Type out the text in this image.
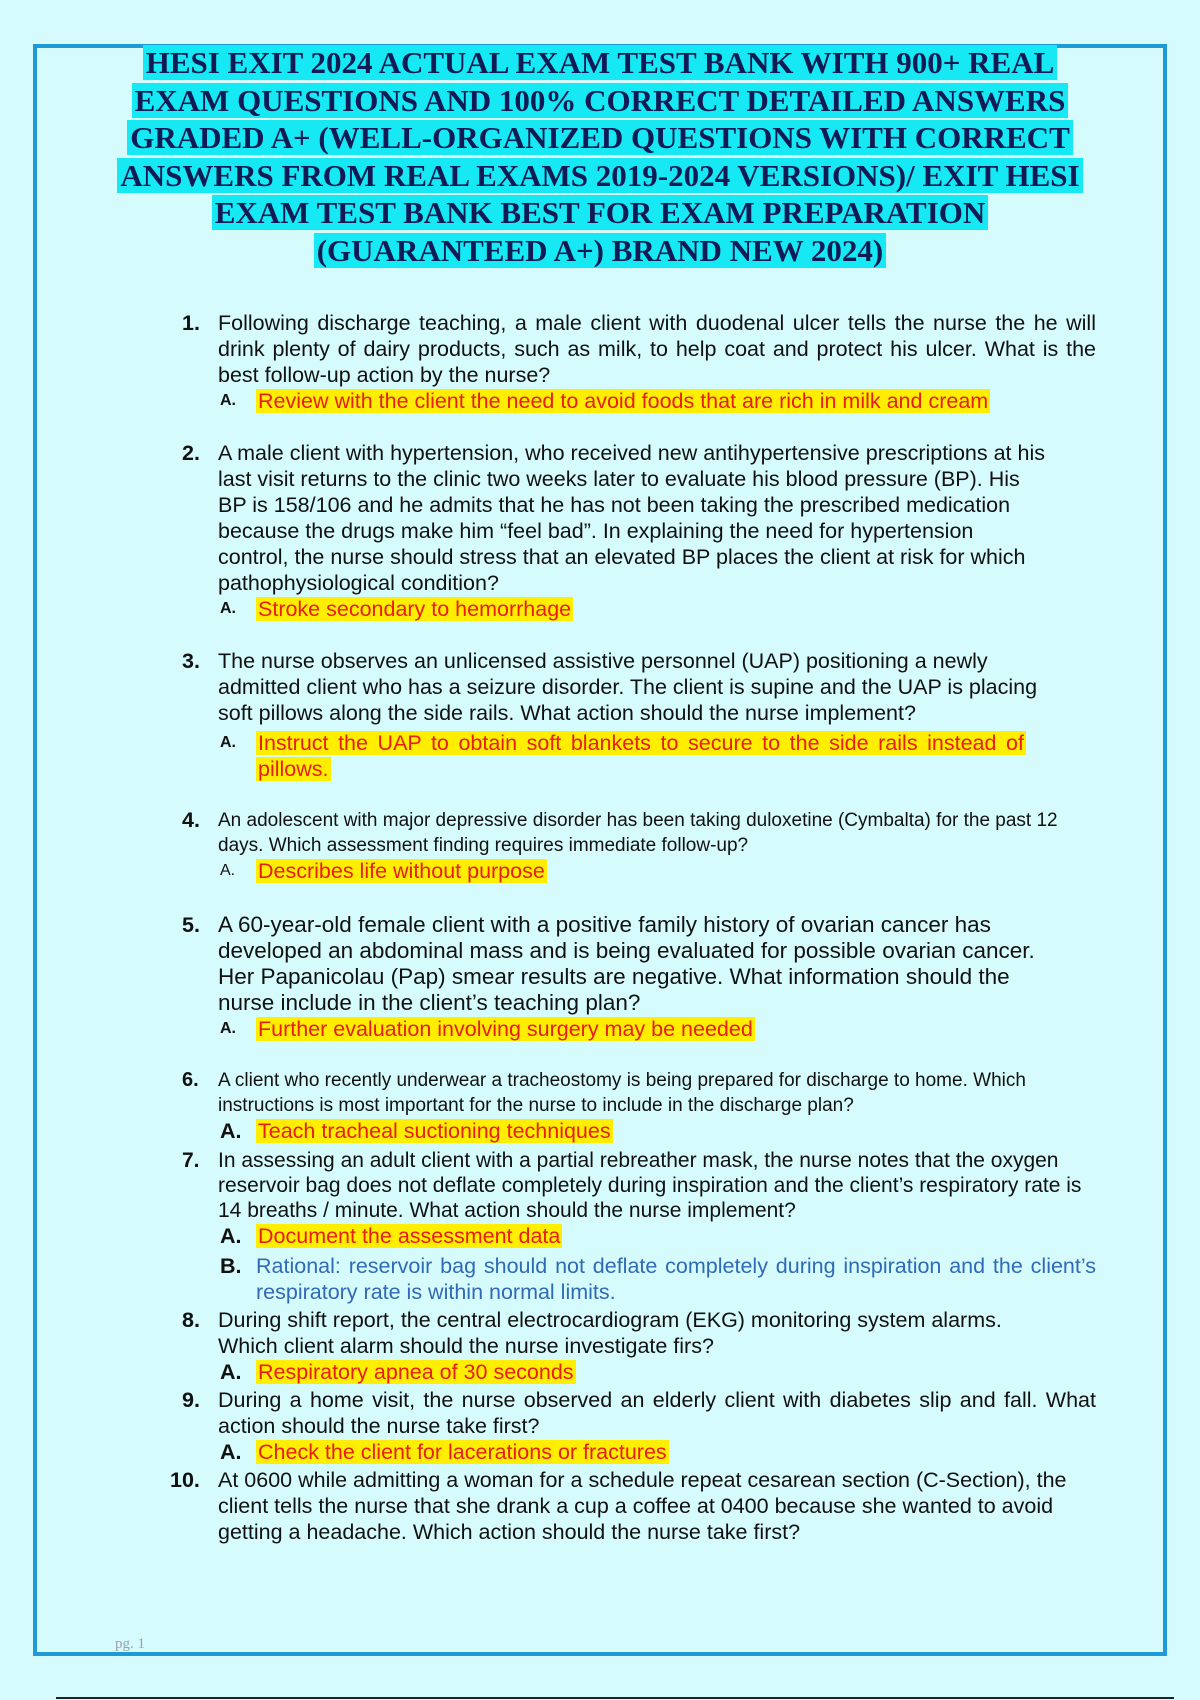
HESI EXIT 2024 ACTUAL EXAM TEST BANK WITH 900+ REAL EXAM QUESTIONS AND 100% CORRECT DETAILED ANSWERS GRADED A+ (WELL-ORGANIZED QUESTIONS WITH CORRECT ANSWERS FROM REAL EXAMS 2019-2024 VERSIONS)/ EXIT HESI EXAM TEST BANK BEST FOR EXAM PREPARATION (GUARANTEED A+) BRAND NEW 2024)
1. Following discharge teaching, a male client with duodenal ulcer tells the nurse the he will drink plenty of dairy products, such as milk, to help coat and protect his ulcer. What is the best follow-up action by the nurse?

A. Review with the client the need to avoid foods that are rich in milk and cream

2. A male client with hypertension, who received new antihypertensive prescriptions at his last visit returns to the clinic two weeks later to evaluate his blood pressure (BP). His BP is 158/106 and he admits that he has not been taking the prescribed medication because the drugs make him “feel bad”. In explaining the need for hypertension control, the nurse should stress that an elevated BP places the client at risk for which pathophysiological condition?

A. Stroke secondary to hemorrhage

3. The nurse observes an unlicensed assistive personnel (UAP) positioning a newly admitted client who has a seizure disorder. The client is supine and the UAP is placing soft pillows along the side rails. What action should the nurse implement?

A. Instruct the UAP to obtain soft blankets to secure to the side rails instead of pillows.

4. An adolescent with major depressive disorder has been taking duloxetine (Cymbalta) for the past 12 days. Which assessment finding requires immediate follow-up?

A. Describes life without purpose

5. A 60-year-old female client with a positive family history of ovarian cancer has developed an abdominal mass and is being evaluated for possible ovarian cancer. Her Papanicolau (Pap) smear results are negative. What information should the nurse include in the client’s teaching plan?

A. Further evaluation involving surgery may be needed

6. A client who recently underwear a tracheostomy is being prepared for discharge to home. Which instructions is most important for the nurse to include in the discharge plan?

A. Teach tracheal suctioning techniques

7. In assessing an adult client with a partial rebreather mask, the nurse notes that the oxygen reservoir bag does not deflate completely during inspiration and the client’s respiratory rate is 14 breaths / minute. What action should the nurse implement?

A. Document the assessment data

B. Rational: reservoir bag should not deflate completely during inspiration and the client’s respiratory rate is within normal limits.

8. During shift report, the central electrocardiogram (EKG) monitoring system alarms. Which client alarm should the nurse investigate firs?

A. Respiratory apnea of 30 seconds

9. During a home visit, the nurse observed an elderly client with diabetes slip and fall. What action should the nurse take first?

A. Check the client for lacerations or fractures

10. At 0600 while admitting a woman for a schedule repeat cesarean section (C-Section), the client tells the nurse that she drank a cup a coffee at 0400 because she wanted to avoid getting a headache. Which action should the nurse take first?

pg. 1
